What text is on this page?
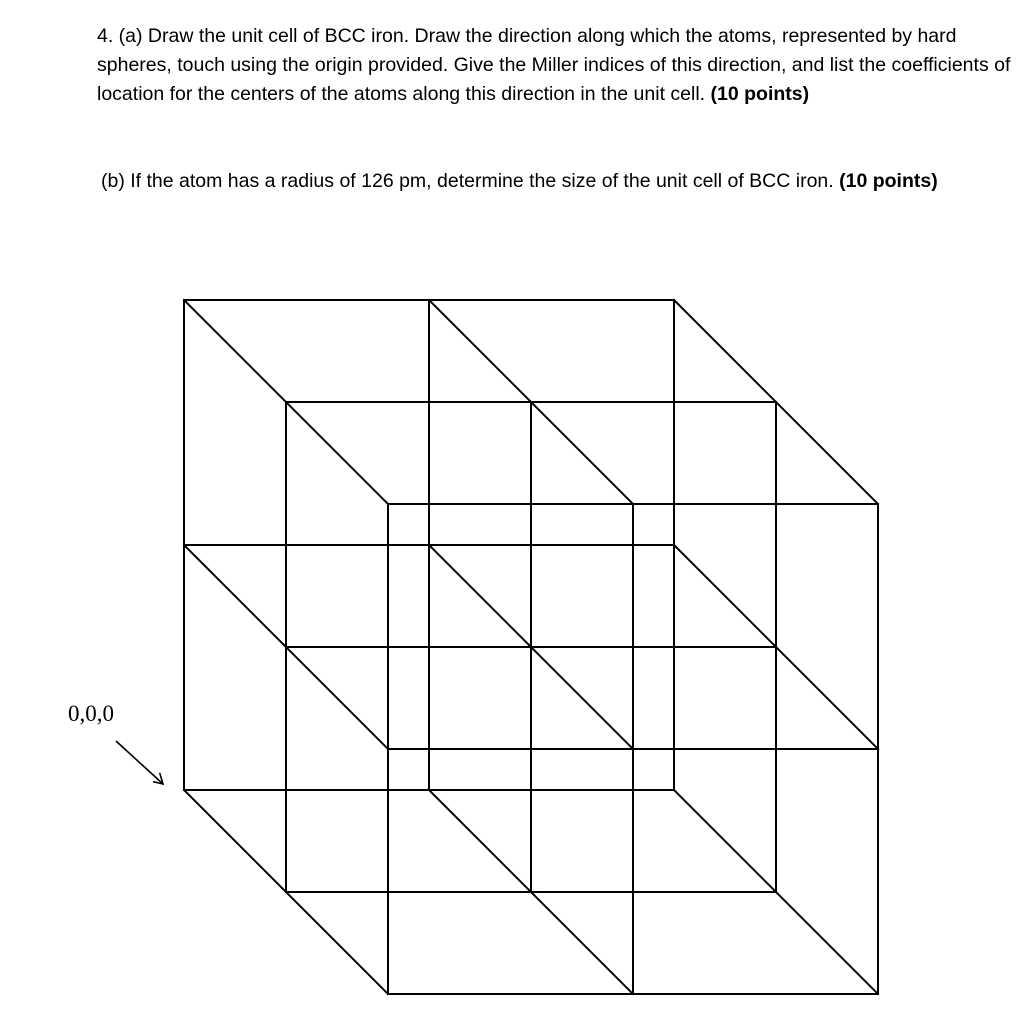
4. (a) Draw the unit cell of BCC iron. Draw the direction along which the atoms, represented by hard spheres, touch using the origin provided. Give the Miller indices of this direction, and list the coefficients of location for the centers of the atoms along this direction in the unit cell. (10 points)
(b) If the atom has a radius of 126 pm, determine the size of the unit cell of BCC iron. (10 points)
0,0,0
